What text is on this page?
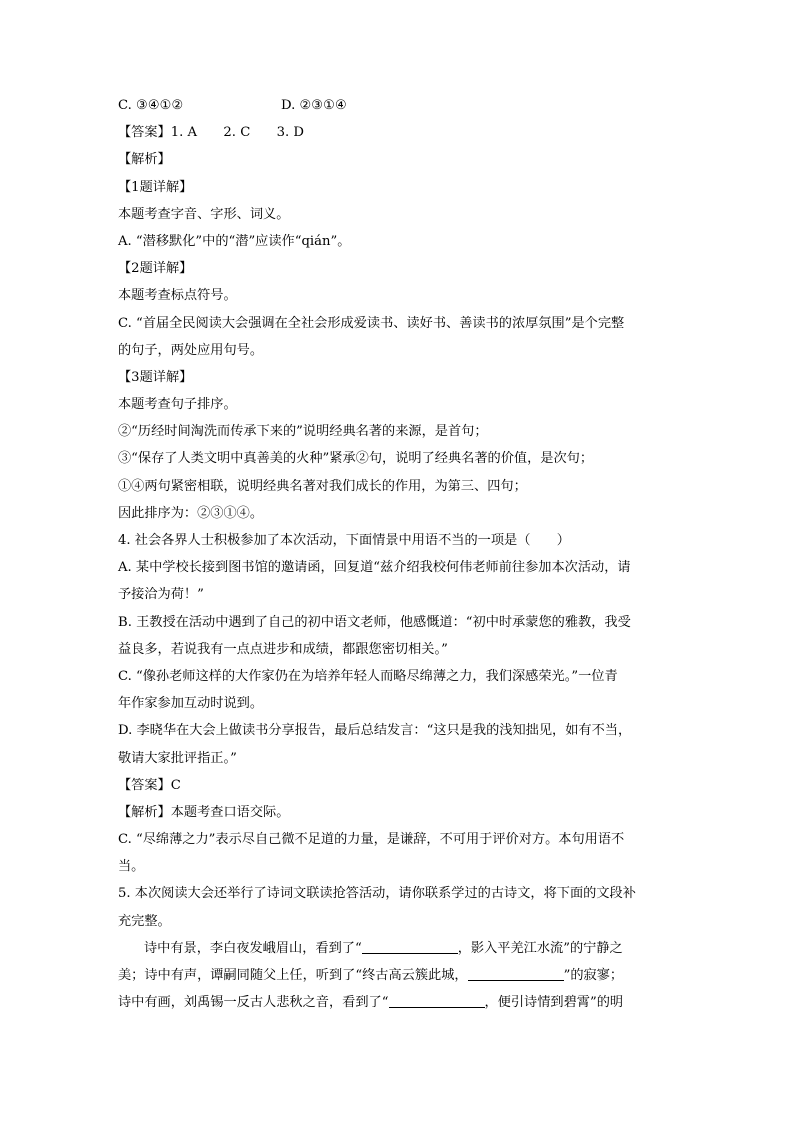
C. ③④①②	D. ②③①④
【答案】1. A　　2. C　　3. D
【解析】
【1题详解】
本题考查字音、字形、词义。
A. “潜移默化”中的“潜”应读作“qián”。
【2题详解】
本题考查标点符号。
C. “首届全民阅读大会强调在全社会形成爱读书、读好书、善读书的浓厚氛围”是个完整
的句子，两处应用句号。
【3题详解】
本题考查句子排序。
②“历经时间淘洗而传承下来的”说明经典名著的来源，是首句；
③“保存了人类文明中真善美的火种”紧承②句，说明了经典名著的价值，是次句；
①④两句紧密相联，说明经典名著对我们成长的作用，为第三、四句；
因此排序为：②③①④。
4. 社会各界人士积极参加了本次活动，下面情景中用语不当的一项是（　　）
A. 某中学校长接到图书馆的邀请函，回复道“兹介绍我校何伟老师前往参加本次活动，请
予接洽为荷！”
B. 王教授在活动中遇到了自己的初中语文老师，他感慨道：“初中时承蒙您的雅教，我受
益良多，若说我有一点点进步和成绩，都跟您密切相关。”
C. “像孙老师这样的大作家仍在为培养年轻人而略尽绵薄之力，我们深感荣光。”一位青
年作家参加互动时说到。
D. 李晓华在大会上做读书分享报告，最后总结发言：“这只是我的浅知拙见，如有不当，
敬请大家批评指正。”
【答案】C
【解析】本题考查口语交际。
C. “尽绵薄之力”表示尽自己微不足道的力量，是谦辞，不可用于评价对方。本句用语不
当。
5. 本次阅读大会还举行了诗词文联读抢答活动，请你联系学过的古诗文，将下面的文段补
充完整。
诗中有景，李白夜发峨眉山，看到了“	，影入平羌江水流”的宁静之
美；诗中有声，谭嗣同随父上任，听到了“终古高云簇此城，	”的寂寥；
诗中有画，刘禹锡一反古人悲秋之音，看到了“	，便引诗情到碧霄”的明
